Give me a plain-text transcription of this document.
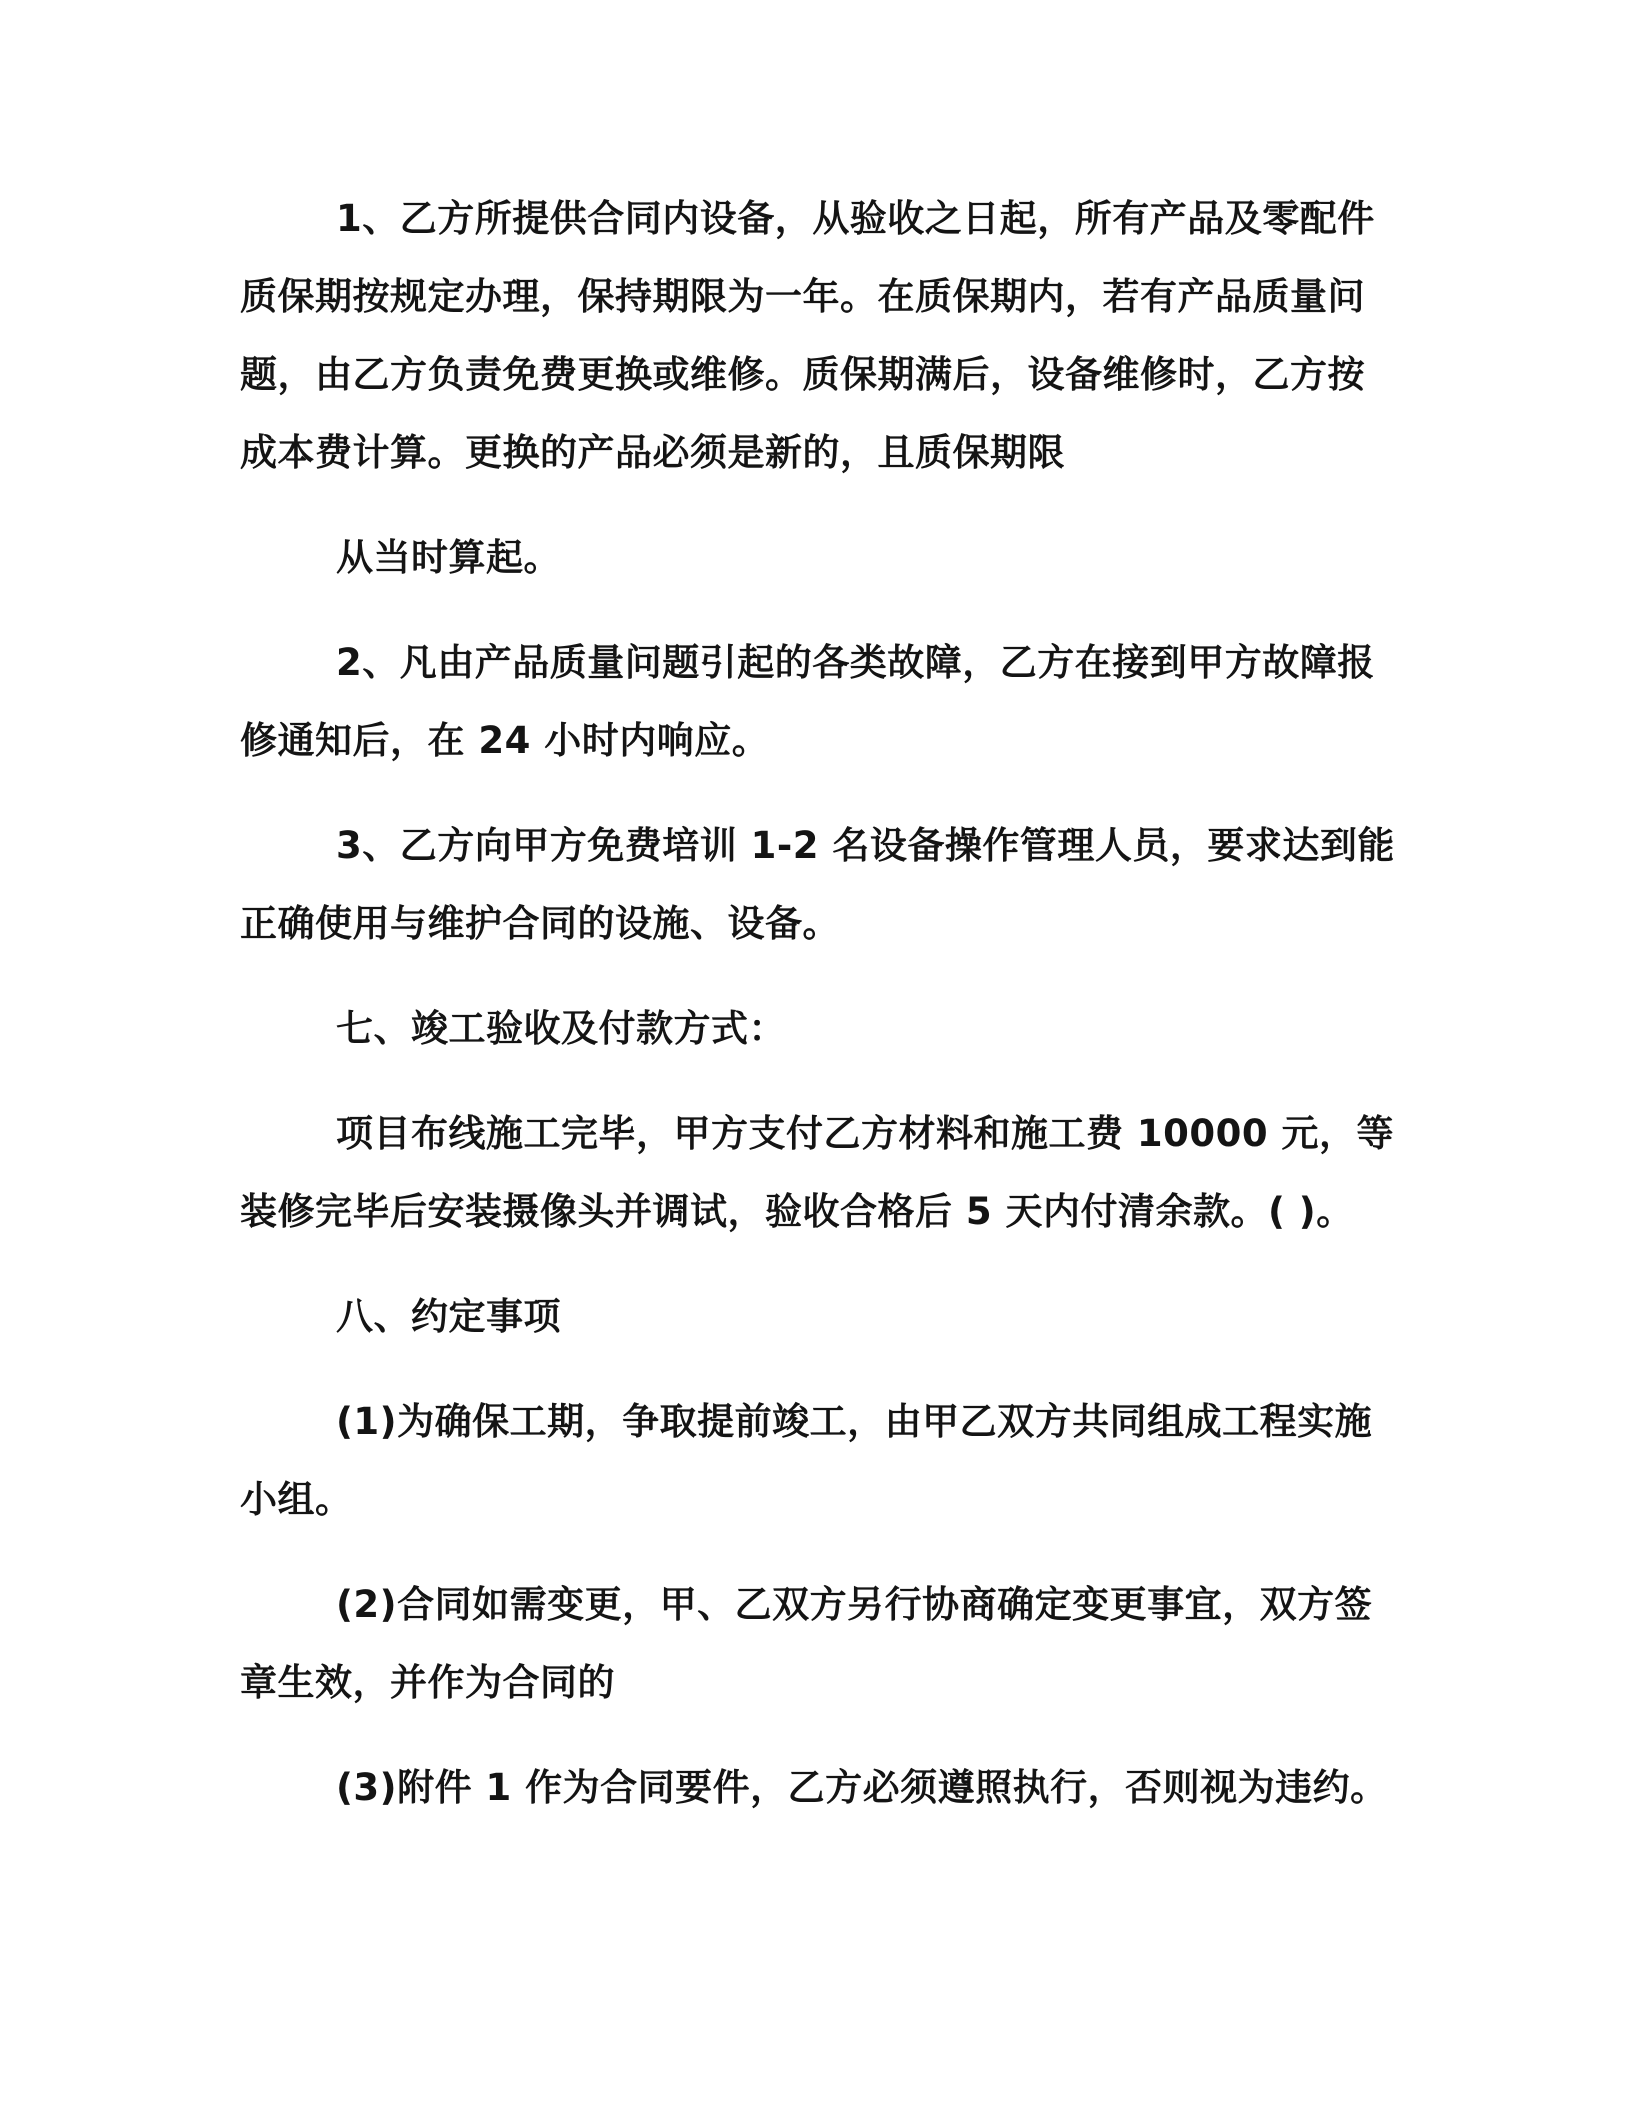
1、乙方所提供合同内设备，从验收之日起，所有产品及零配件
质保期按规定办理，保持期限为一年。在质保期内，若有产品质量问
题，由乙方负责免费更换或维修。质保期满后，设备维修时，乙方按
成本费计算。更换的产品必须是新的，且质保期限
从当时算起。
2、凡由产品质量问题引起的各类故障，乙方在接到甲方故障报
修通知后，在 24 小时内响应。
3、乙方向甲方免费培训 1-2 名设备操作管理人员，要求达到能
正确使用与维护合同的设施、设备。
七、竣工验收及付款方式：
项目布线施工完毕，甲方支付乙方材料和施工费 10000 元，等
装修完毕后安装摄像头并调试，验收合格后 5 天内付清余款。( )。
八、约定事项
(1)为确保工期，争取提前竣工，由甲乙双方共同组成工程实施
小组。
(2)合同如需变更，甲、乙双方另行协商确定变更事宜，双方签
章生效，并作为合同的
(3)附件 1 作为合同要件，乙方必须遵照执行，否则视为违约。
